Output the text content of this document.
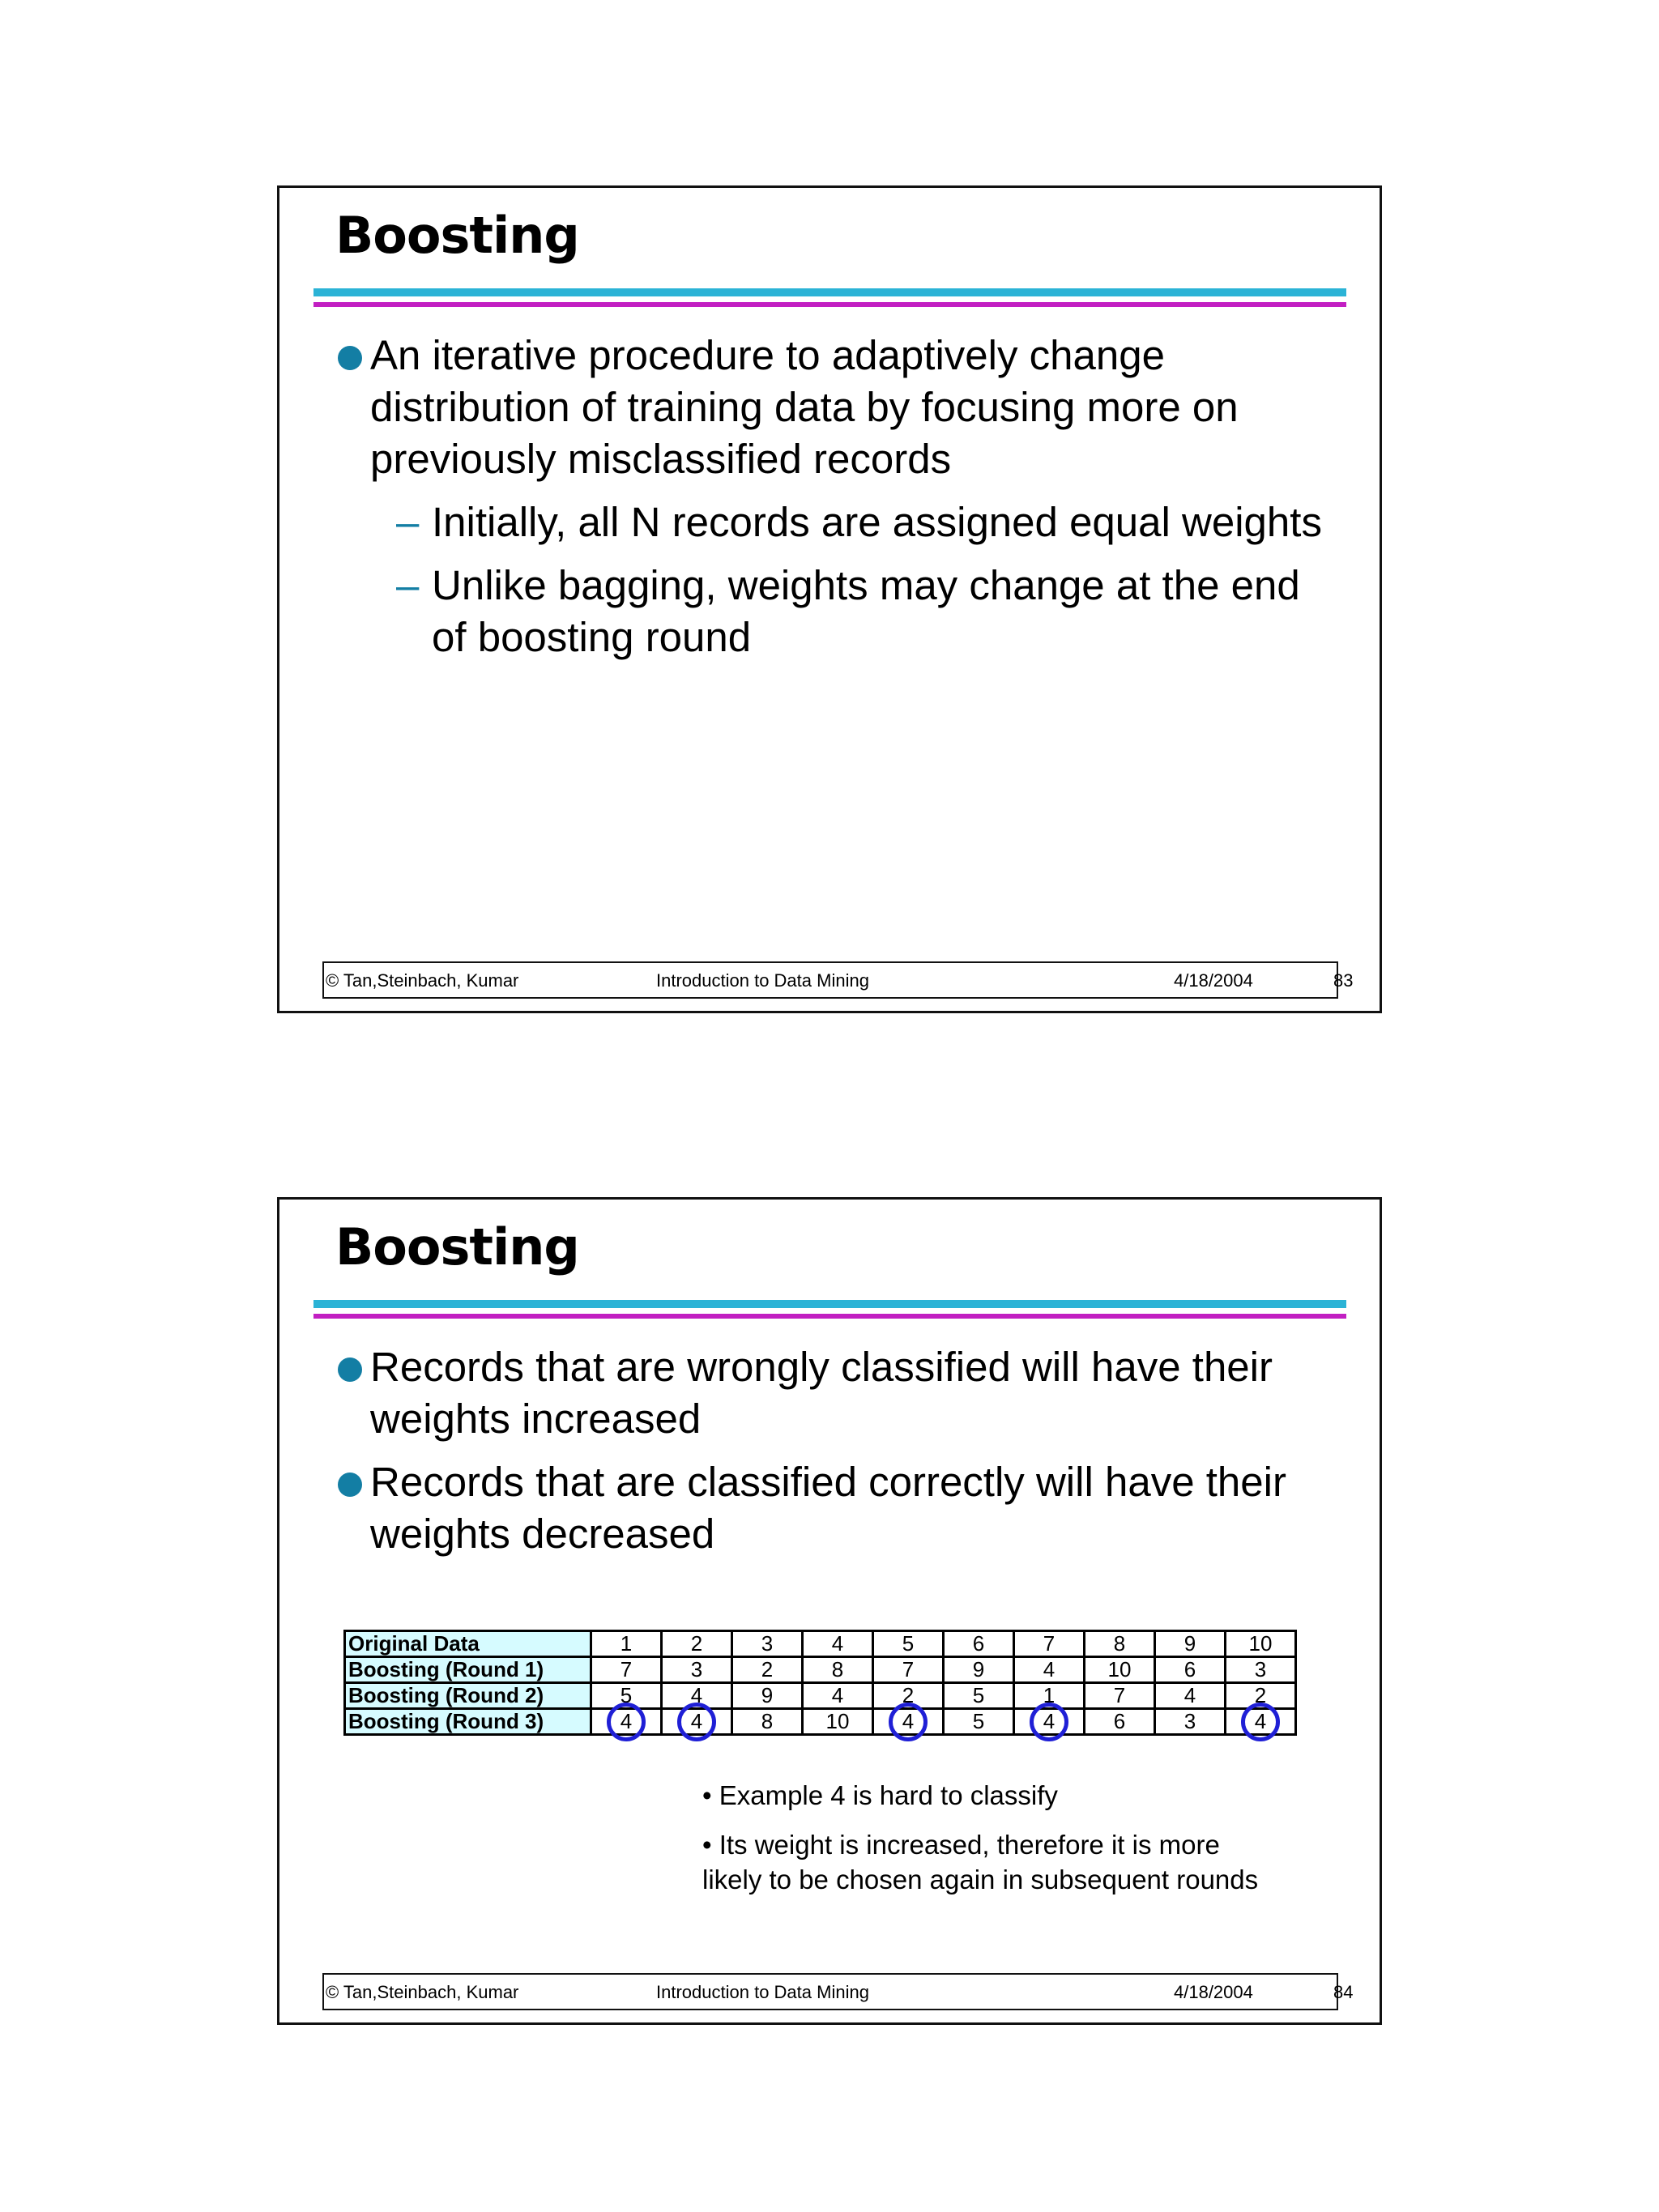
Boosting
An iterative procedure to adaptively change distribution of training data by focusing more on previously misclassified records
– Initially, all N records are assigned equal weights
– Unlike bagging, weights may change at the end of boosting round
© Tan,Steinbach, Kumar	Introduction to Data Mining	4/18/2004	83
Boosting
Records that are wrongly classified will have their weights increased
Records that are classified correctly will have their weights decreased
Original Data	1	2	3	4	5	6	7	8	9	10
Boosting (Round 1)	7	3	2	8	7	9	4	10	6	3
Boosting (Round 2)	5	4	9	4	2	5	1	7	4	2
Boosting (Round 3)	4	4	8	10	4	5	4	6	3	4

• Example 4 is hard to classify

• Its weight is increased, therefore it is more likely to be chosen again in subsequent rounds

© Tan,Steinbach, Kumar	Introduction to Data Mining	4/18/2004	84
